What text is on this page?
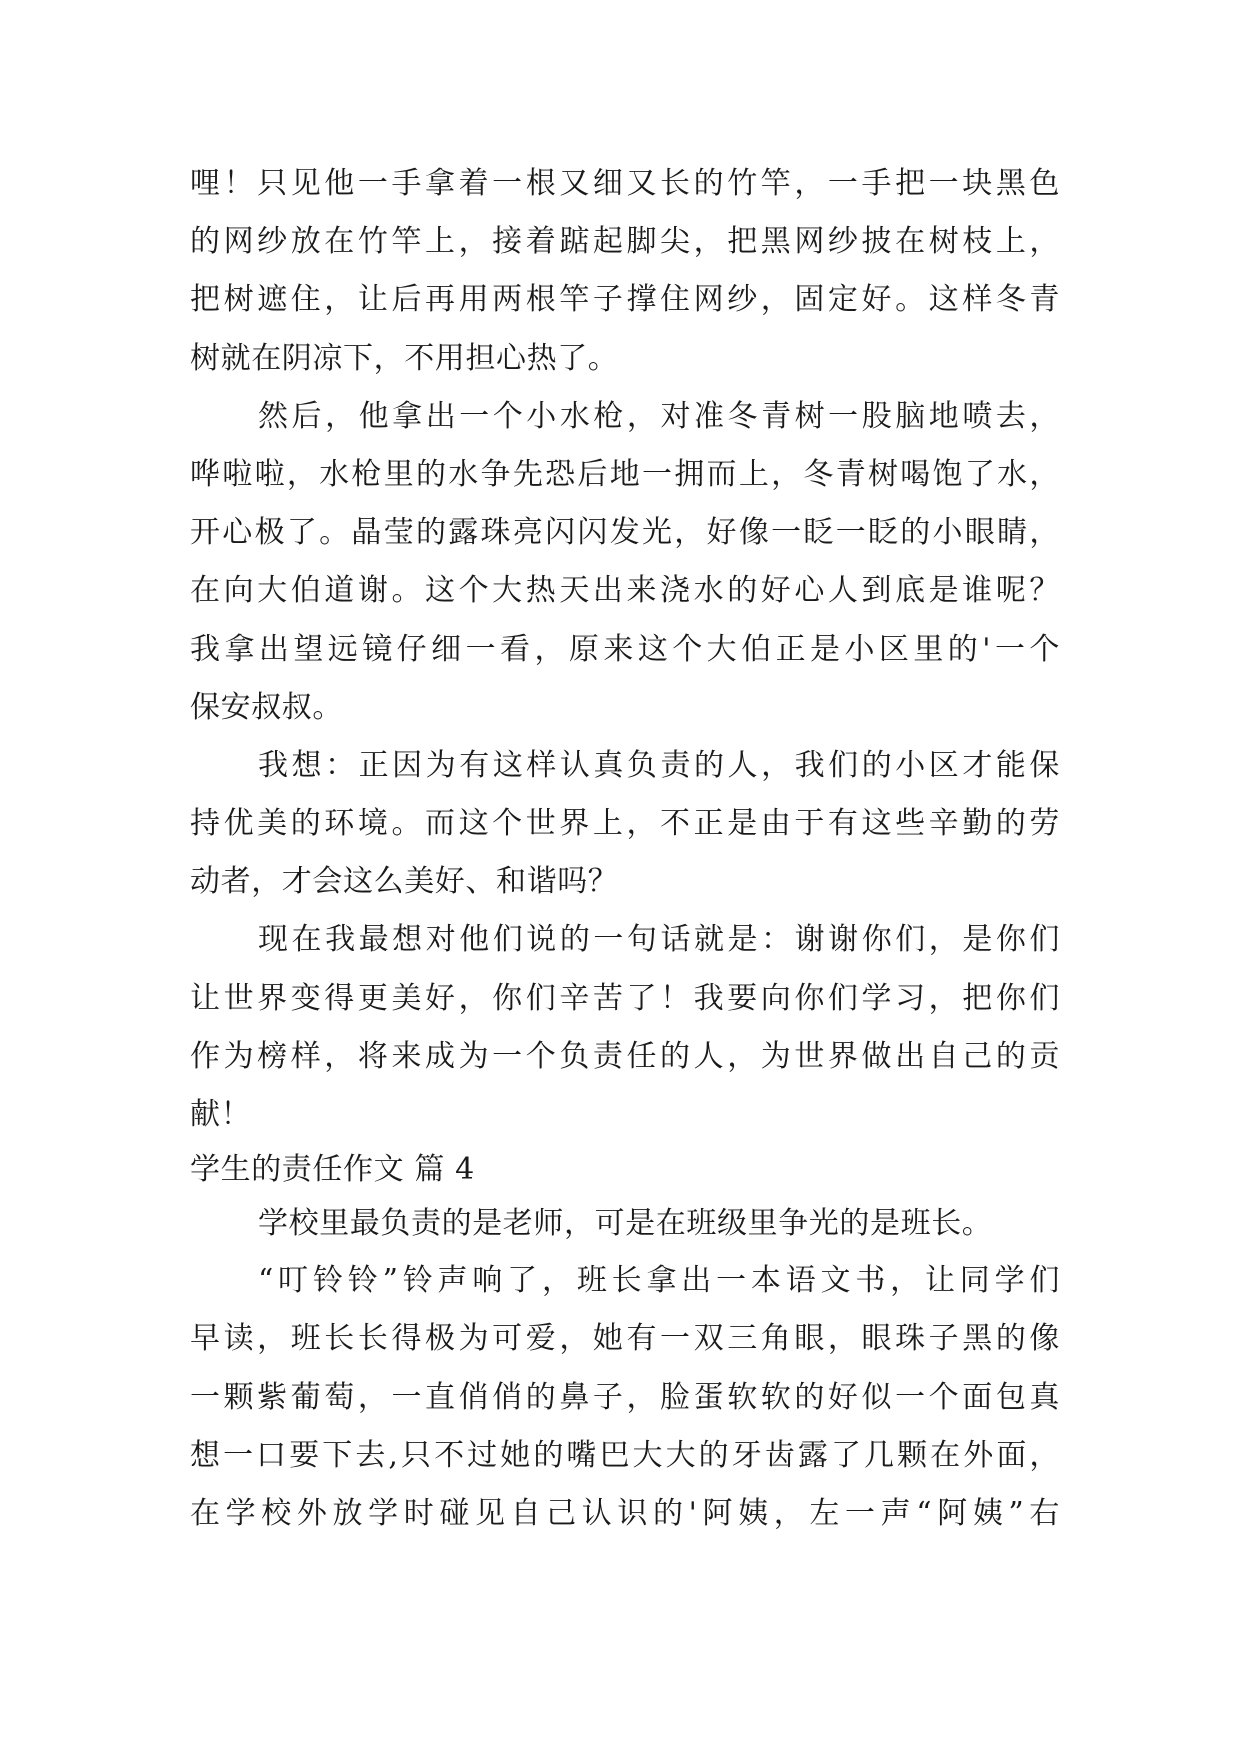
哩！只见他一手拿着一根又细又长的竹竿，一手把一块黑色
的网纱放在竹竿上，接着踮起脚尖，把黑网纱披在树枝上，
把树遮住，让后再用两根竿子撑住网纱，固定好。这样冬青
树就在阴凉下，不用担心热了。
然后，他拿出一个小水枪，对准冬青树一股脑地喷去，
哗啦啦，水枪里的水争先恐后地一拥而上，冬青树喝饱了水，
开心极了。晶莹的露珠亮闪闪发光，好像一眨一眨的小眼睛，
在向大伯道谢。这个大热天出来浇水的好心人到底是谁呢？
我拿出望远镜仔细一看，原来这个大伯正是小区里的'一个
保安叔叔。
我想：正因为有这样认真负责的人，我们的小区才能保
持优美的环境。而这个世界上，不正是由于有这些辛勤的劳
动者，才会这么美好、和谐吗？
现在我最想对他们说的一句话就是：谢谢你们，是你们
让世界变得更美好，你们辛苦了！我要向你们学习，把你们
作为榜样，将来成为一个负责任的人，为世界做出自己的贡
献！
学生的责任作文 篇 4
学校里最负责的是老师，可是在班级里争光的是班长。
“叮铃铃”铃声响了，班长拿出一本语文书，让同学们
早读，班长长得极为可爱，她有一双三角眼，眼珠子黑的像
一颗紫葡萄，一直俏俏的鼻子，脸蛋软软的好似一个面包真
想一口要下去,只不过她的嘴巴大大的牙齿露了几颗在外面，
在学校外放学时碰见自己认识的'阿姨，左一声“阿姨”右
